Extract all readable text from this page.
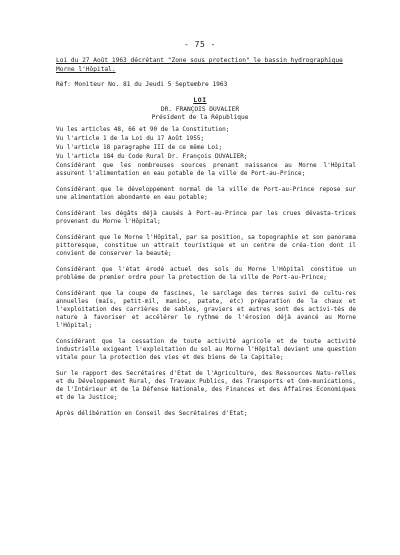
- 75 -
Loi du 27 Août 1963 décrétant "Zone sous protection" le bassin hydrographique Morne l'Hôpital.
Réf: Moniteur No. 81 du Jeudi 5 Septembre 1963
LOI
DR. FRANÇOIS DUVALIER
Président de la République

Vu les articles 48, 66 et 90 de la Constitution;

Vu l'article 1 de la Loi du 17 Août 1955;

Vu l'article 18 paragraphe III de ce même Loi;

Vu l'article 184 du Code Rural Dr. François DUVALIER;

Considérant que les nombreuses sources prenant naissance au Morne l'Hôpital assurent l'alimentation en eau potable de la ville de Port-au-Prince;

Considérant que le développement normal de la ville de Port-au-Prince repose sur une alimentation abondante en eau potable;

Considérant les dégâts déjà causés à Port-au-Prince par les crues dévasta-trices provenant du Morne l'Hôpital;

Considérant que le Morne l'Hôpital, par sa position, sa topographie et son panorama pittoresque, constitue un attrait touristique et un centre de créa-tion dont il convient de conserver la beauté;

Considérant que l'état érodé actuel des sols du Morne l'Hôpital constitue un problème de premier ordre pour la protection de la ville de Port-au-Prince;

Considérant que la coupe de fascines, le sarclage des terres suivi de cultu-res annuelles (maïs, petit-mil, manioc, patate, etc) préparation de la chaux et l'exploitation des carrières de sables, graviers et autres sont des activi-tés de nature à favoriser et accélérer le rythme de l'érosion déjà avancé au Morne l'Hôpital;

Considérant que la cessation de toute activité agricole et de toute activité industrielle exigeant l'exploitation du sol au Morne l'Hôpital devient une question vitale pour la protection des vies et des biens de la Capitale;

Sur le rapport des Secrétaires d'Etat de l'Agriculture, des Ressources Natu-relles et du Développement Rural, des Travaux Publics, des Transports et Com-munications, de l'Intérieur et de la Défense Nationale, des Finances et des Affaires Economiques et de la Justice;

Après délibération en Conseil des Secrétaires d'Etat;
